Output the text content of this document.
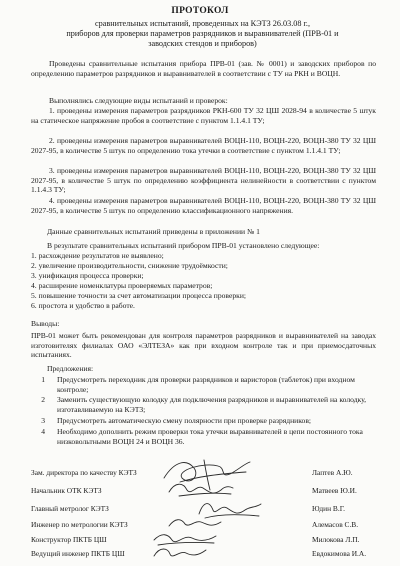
ПРОТОКОЛ
сравнительных испытаний, проведенных на КЭТЗ 26.03.08 г.,
приборов для проверки параметров разрядников и выравнивателей (ПРВ-01 и
заводских стендов и приборов)
Проведены сравнительные испытания прибора ПРВ-01 (зав. № 0001) и заводских приборов по определению параметров разрядников и выравнивателей в соответствии с ТУ на РКН и ВОЦН.
Выполнялись следующие виды испытаний и проверок:
1. проведены измерения параметров разрядников РКН-600 ТУ 32 ЦШ 2028-94 в количестве 5 штук на статическое напряжение пробоя в соответствие с пунктом 1.1.4.1 ТУ;
2. проведены измерения параметров выравнивателей ВОЦН-110, ВОЦН-220, ВОЦН-380 ТУ 32 ЦШ 2027-95, в количестве 5 штук по определению тока утечки в соответствие с пунктом 1.1.4.1 ТУ;
3. проведены измерения параметров выравнивателей ВОЦН-110, ВОЦН-220, ВОЦН-380 ТУ 32 ЦШ 2027-95, в количестве 5 штук по определению коэффициента нелинейности в соответствии с пунктом 1.1.4.3 ТУ;
4. проведены измерения параметров выравнивателей ВОЦН-110, ВОЦН-220, ВОЦН-380 ТУ 32 ЦШ 2027-95, в количестве 5 штук по определению классификационного напряжения.
Данные сравнительных испытаний приведены в приложении № 1
В результате сравнительных испытаний прибором ПРВ-01 установлено следующее:
1. расхождение результатов не выявлено;
2. увеличение производительности, снижение трудоёмкости;
3. унификация процесса проверки;
4. расширение номенклатуры проверяемых параметров;
5. повышение точности за счет автоматизации процесса проверки;
6. простота и удобство в работе.
Выводы:
ПРВ-01 может быть рекомендован для контроля параметров разрядников и выравнивателей на заводах изготовителях филиалах ОАО «ЭЛТЕЗА» как при входном контроле так и при приемосдаточных испытаниях.
Предложения:
1 Предусмотреть переходник для проверки разрядников и варисторов (таблеток) при входном контроле;
2 Заменить существующую колодку для подключения разрядников и выравнивателей на колодку, изготавливаемую на КЭТЗ;
3 Предусмотреть автоматическую смену полярности при проверке разрядников;
4 Необходимо дополнить режим проверки тока утечки выравнивателей в цепи постоянного тока низковольтными ВОЦН 24 и ВОЦН 36.
Зам. директора по качеству КЭТЗ	Лаптев А.Ю.
Начальник ОТК КЭТЗ	Матвеев Ю.И.
Главный метролог КЭТЗ	Юдин В.Г.
Инженер по метрологии КЭТЗ	Алемасов С.В.
Конструктор ПКТБ ЦШ	Милокова Л.П.
Ведущий инженер ПКТБ ЦШ	Евдокимова И.А.
